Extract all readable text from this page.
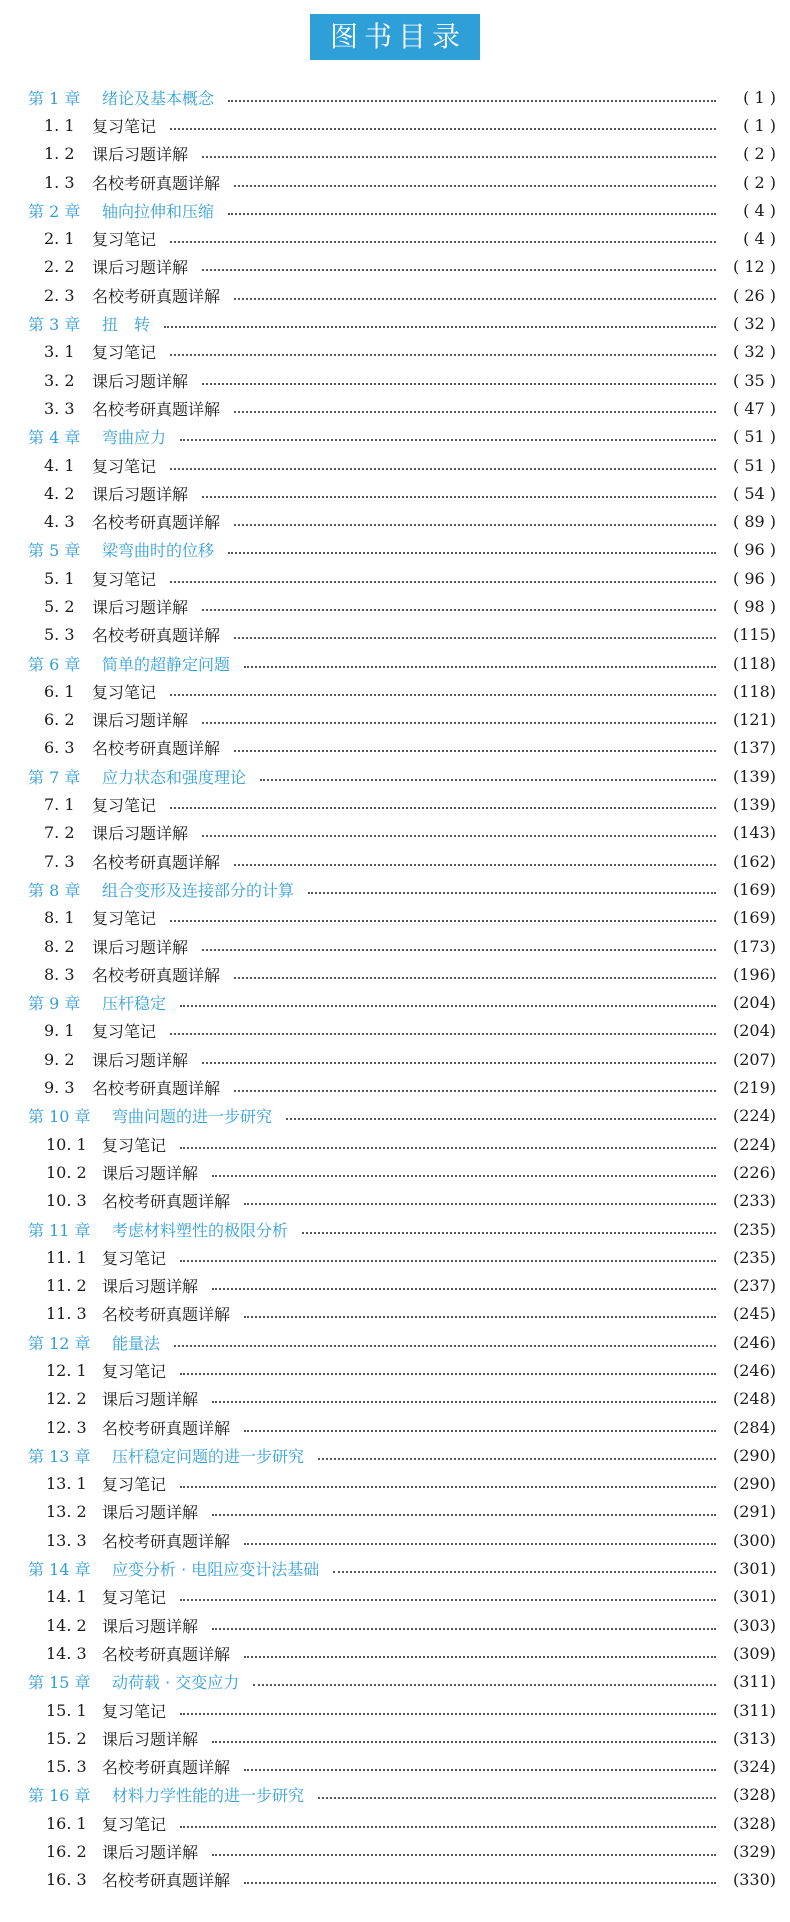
图书目录
第 1 章	绪论及基本概念	( 1 )
1. 1	复习笔记	( 1 )
1. 2	课后习题详解	( 2 )
1. 3	名校考研真题详解	( 2 )
第 2 章	轴向拉伸和压缩	( 4 )
2. 1	复习笔记	( 4 )
2. 2	课后习题详解	( 12 )
2. 3	名校考研真题详解	( 26 )
第 3 章	扭　转	( 32 )
3. 1	复习笔记	( 32 )
3. 2	课后习题详解	( 35 )
3. 3	名校考研真题详解	( 47 )
第 4 章	弯曲应力	( 51 )
4. 1	复习笔记	( 51 )
4. 2	课后习题详解	( 54 )
4. 3	名校考研真题详解	( 89 )
第 5 章	梁弯曲时的位移	( 96 )
5. 1	复习笔记	( 96 )
5. 2	课后习题详解	( 98 )
5. 3	名校考研真题详解	(115)
第 6 章	简单的超静定问题	(118)
6. 1	复习笔记	(118)
6. 2	课后习题详解	(121)
6. 3	名校考研真题详解	(137)
第 7 章	应力状态和强度理论	(139)
7. 1	复习笔记	(139)
7. 2	课后习题详解	(143)
7. 3	名校考研真题详解	(162)
第 8 章	组合变形及连接部分的计算	(169)
8. 1	复习笔记	(169)
8. 2	课后习题详解	(173)
8. 3	名校考研真题详解	(196)
第 9 章	压杆稳定	(204)
9. 1	复习笔记	(204)
9. 2	课后习题详解	(207)
9. 3	名校考研真题详解	(219)
第 10 章	弯曲问题的进一步研究	(224)
10. 1 复习笔记	(224)
10. 2 课后习题详解	(226)
10. 3 名校考研真题详解	(233)
第 11 章	考虑材料塑性的极限分析	(235)
11. 1 复习笔记	(235)
11. 2 课后习题详解	(237)
11. 3 名校考研真题详解	(245)
第 12 章	能量法	(246)
12. 1 复习笔记	(246)
12. 2 课后习题详解	(248)
12. 3 名校考研真题详解	(284)
第 13 章	压杆稳定问题的进一步研究	(290)
13. 1 复习笔记	(290)
13. 2 课后习题详解	(291)
13. 3 名校考研真题详解	(300)
第 14 章	应变分析 · 电阻应变计法基础	(301)
14. 1 复习笔记	(301)
14. 2 课后习题详解	(303)
14. 3 名校考研真题详解	(309)
第 15 章	动荷载 · 交变应力	(311)
15. 1 复习笔记	(311)
15. 2 课后习题详解	(313)
15. 3 名校考研真题详解	(324)
第 16 章	材料力学性能的进一步研究	(328)
16. 1 复习笔记	(328)
16. 2 课后习题详解	(329)
16. 3 名校考研真题详解	(330)
